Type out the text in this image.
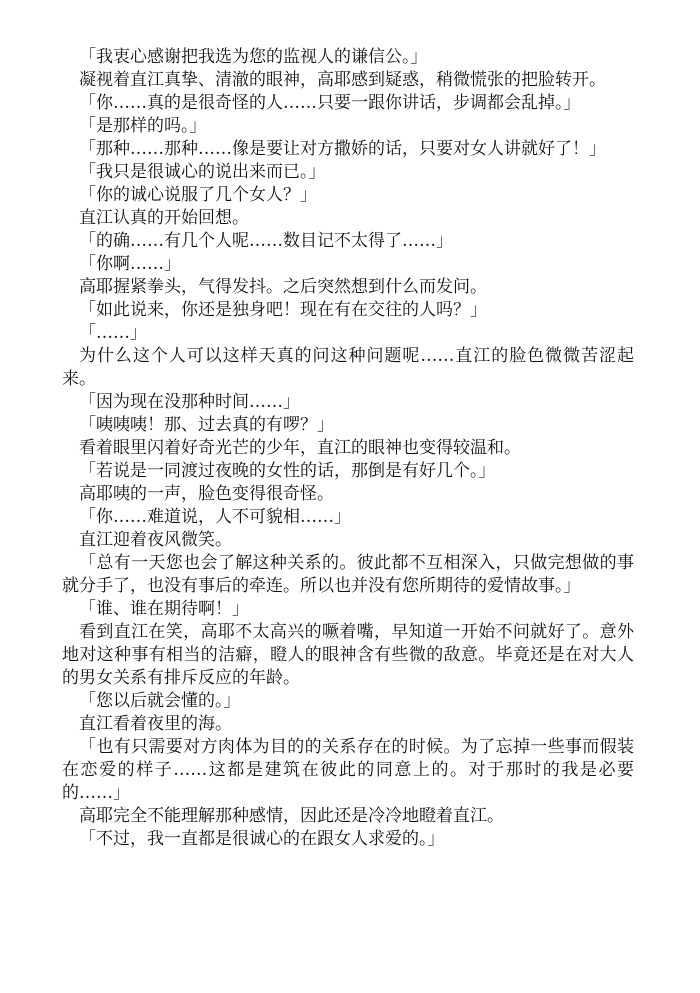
「我衷心感谢把我选为您的监视人的谦信公。」

凝视着直江真挚、清澈的眼神，高耶感到疑惑，稍微慌张的把脸转开。

「你……真的是很奇怪的人……只要一跟你讲话，步调都会乱掉。」

「是那样的吗。」

「那种……那种……像是要让对方撒娇的话，只要对女人讲就好了！」

「我只是很诚心的说出来而已。」

「你的诚心说服了几个女人？」

直江认真的开始回想。

「的确……有几个人呢……数目记不太得了……」

「你啊……」

高耶握紧拳头，气得发抖。之后突然想到什么而发问。

「如此说来，你还是独身吧！现在有在交往的人吗？」

「……」

为什么这个人可以这样天真的问这种问题呢……直江的脸色微微苦涩起来。

「因为现在没那种时间……」

「咦咦咦！那、过去真的有啰？」

看着眼里闪着好奇光芒的少年，直江的眼神也变得较温和。

「若说是一同渡过夜晚的女性的话，那倒是有好几个。」

高耶咦的一声，脸色变得很奇怪。

「你……难道说，人不可貌相……」

直江迎着夜风微笑。

「总有一天您也会了解这种关系的。彼此都不互相深入，只做完想做的事就分手了，也没有事后的牵连。所以也并没有您所期待的爱情故事。」

「谁、谁在期待啊！」

看到直江在笑，高耶不太高兴的噘着嘴，早知道一开始不问就好了。意外地对这种事有相当的洁癖，瞪人的眼神含有些微的敌意。毕竟还是在对大人的男女关系有排斥反应的年龄。

「您以后就会懂的。」

直江看着夜里的海。

「也有只需要对方肉体为目的的关系存在的时候。为了忘掉一些事而假装在恋爱的样子……这都是建筑在彼此的同意上的。对于那时的我是必要的……」

高耶完全不能理解那种感情，因此还是冷冷地瞪着直江。

「不过，我一直都是很诚心的在跟女人求爱的。」
